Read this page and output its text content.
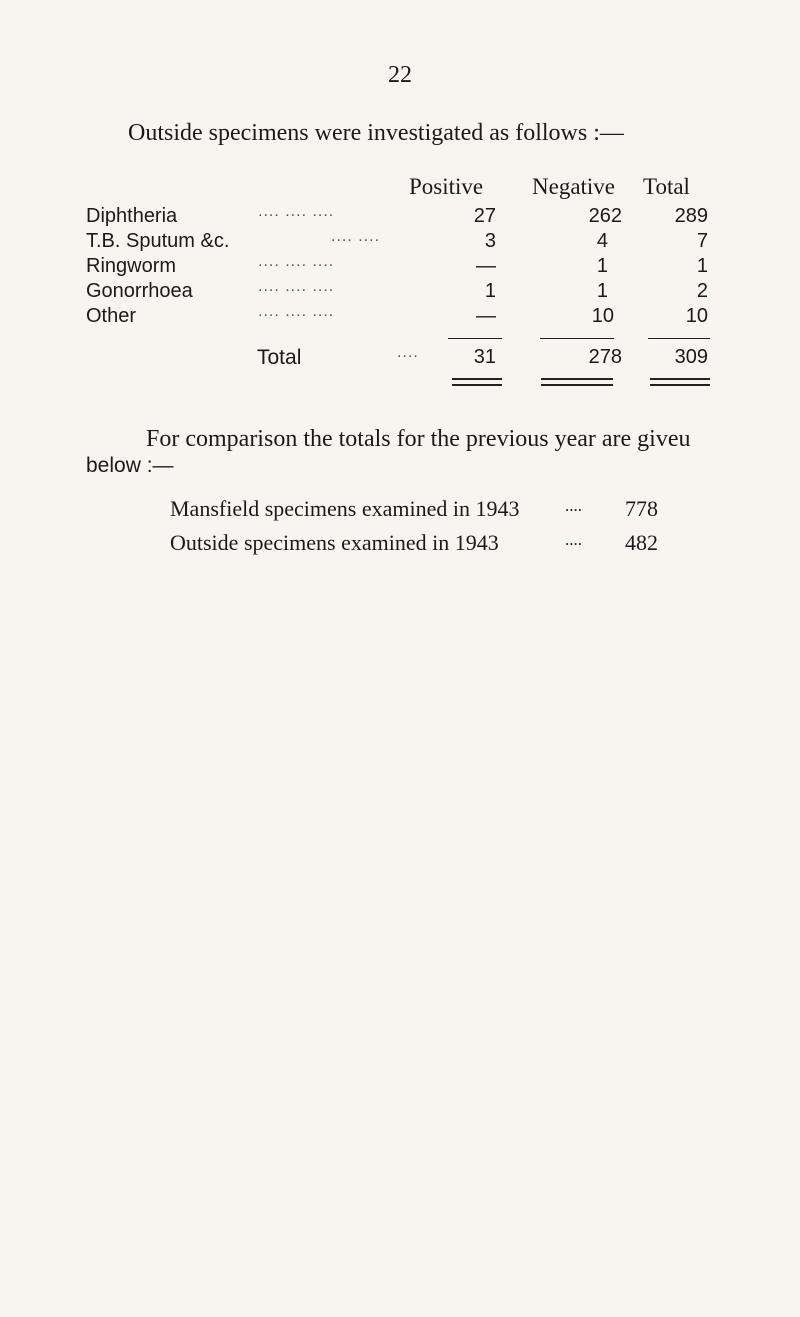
22
Outside specimens were investigated as follows :—
Positive Negative Total
Diphtheria	.... .... ....	27	262	289
T.B. Sputum &c.	.... ....	3	4	7
Ringworm	.... .... ....	—	1	1
Gonorrhoea	.... .... ....	1	1	2
Other	.... .... ....	—	10	10
Total	....	31	278	309
For comparison the totals for the previous year are giveu
below :—
Mansfield specimens examined in 1943	....	778
Outside specimens examined in 1943	....	482
